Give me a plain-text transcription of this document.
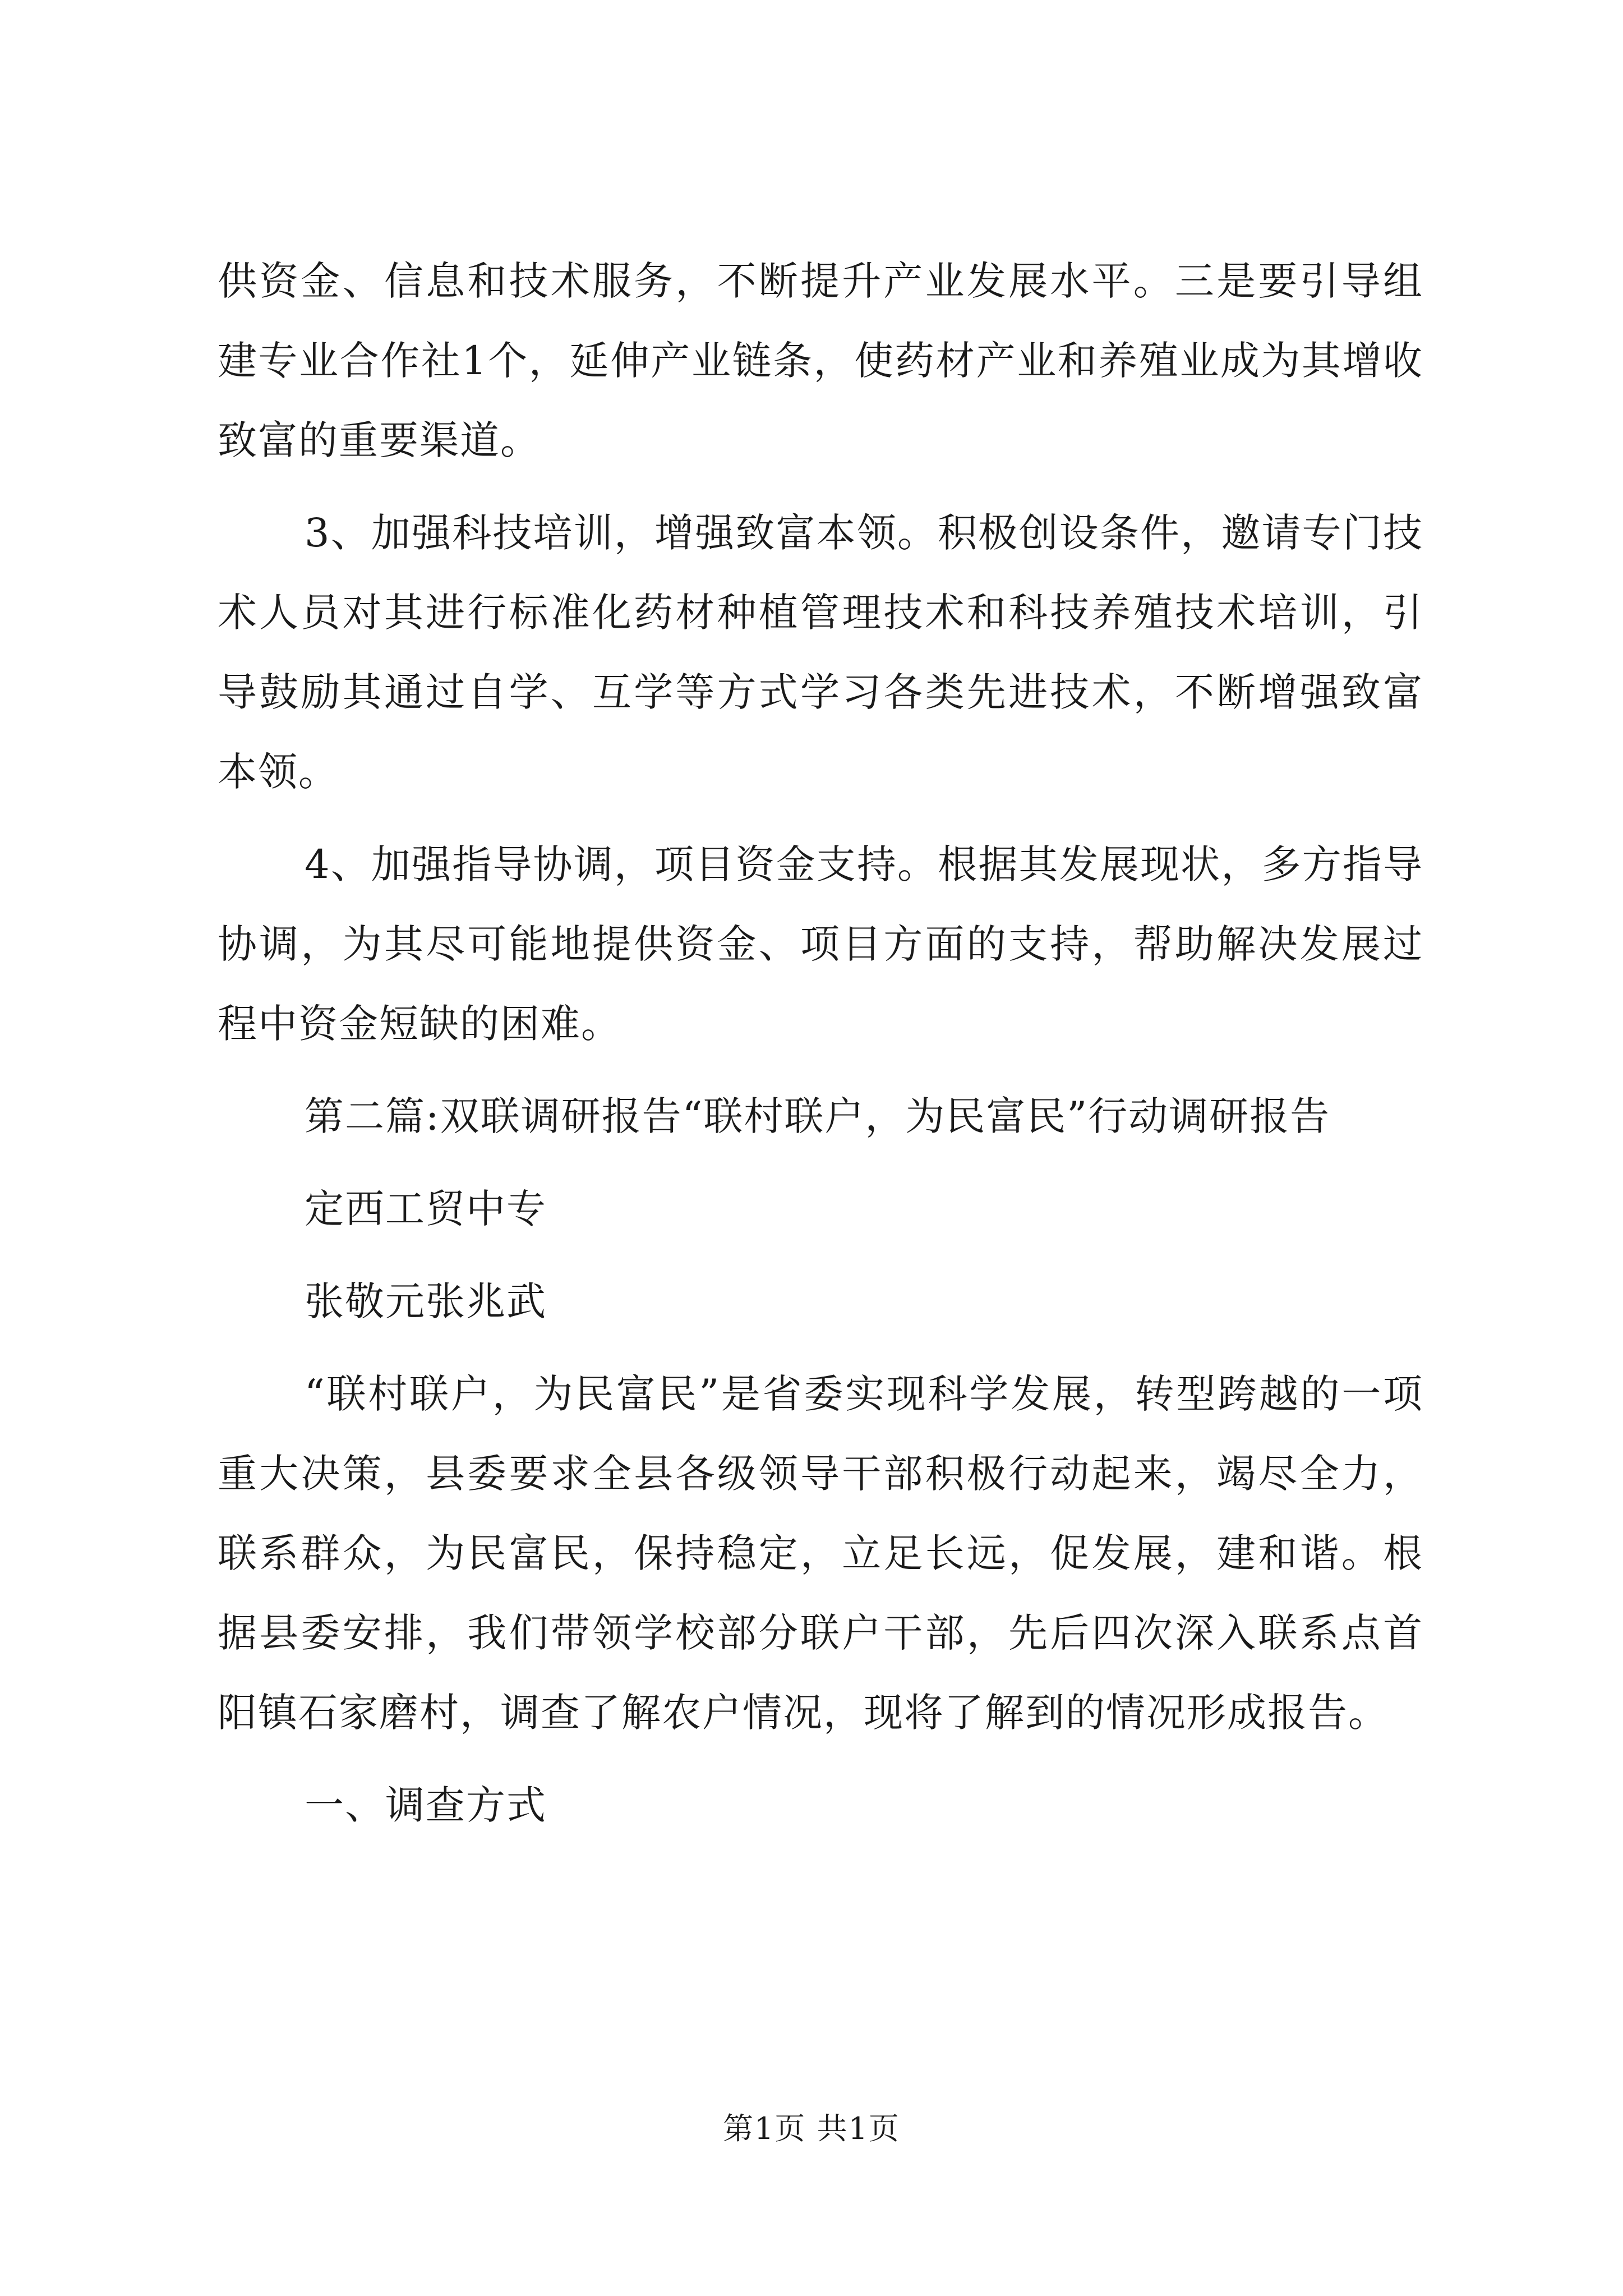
供资金、信息和技术服务，不断提升产业发展水平。三是要引导组建专业合作社1个，延伸产业链条，使药材产业和养殖业成为其增收致富的重要渠道。

3、加强科技培训，增强致富本领。积极创设条件，邀请专门技术人员对其进行标准化药材种植管理技术和科技养殖技术培训，引导鼓励其通过自学、互学等方式学习各类先进技术，不断增强致富本领。

4、加强指导协调，项目资金支持。根据其发展现状，多方指导协调，为其尽可能地提供资金、项目方面的支持，帮助解决发展过程中资金短缺的困难。

第二篇:双联调研报告“联村联户，为民富民”行动调研报告

定西工贸中专

张敬元张兆武

“联村联户，为民富民”是省委实现科学发展，转型跨越的一项重大决策，县委要求全县各级领导干部积极行动起来，竭尽全力，联系群众，为民富民，保持稳定，立足长远，促发展，建和谐。根据县委安排，我们带领学校部分联户干部，先后四次深入联系点首阳镇石家磨村，调查了解农户情况，现将了解到的情况形成报告。

一、调查方式

第1页 共1页
